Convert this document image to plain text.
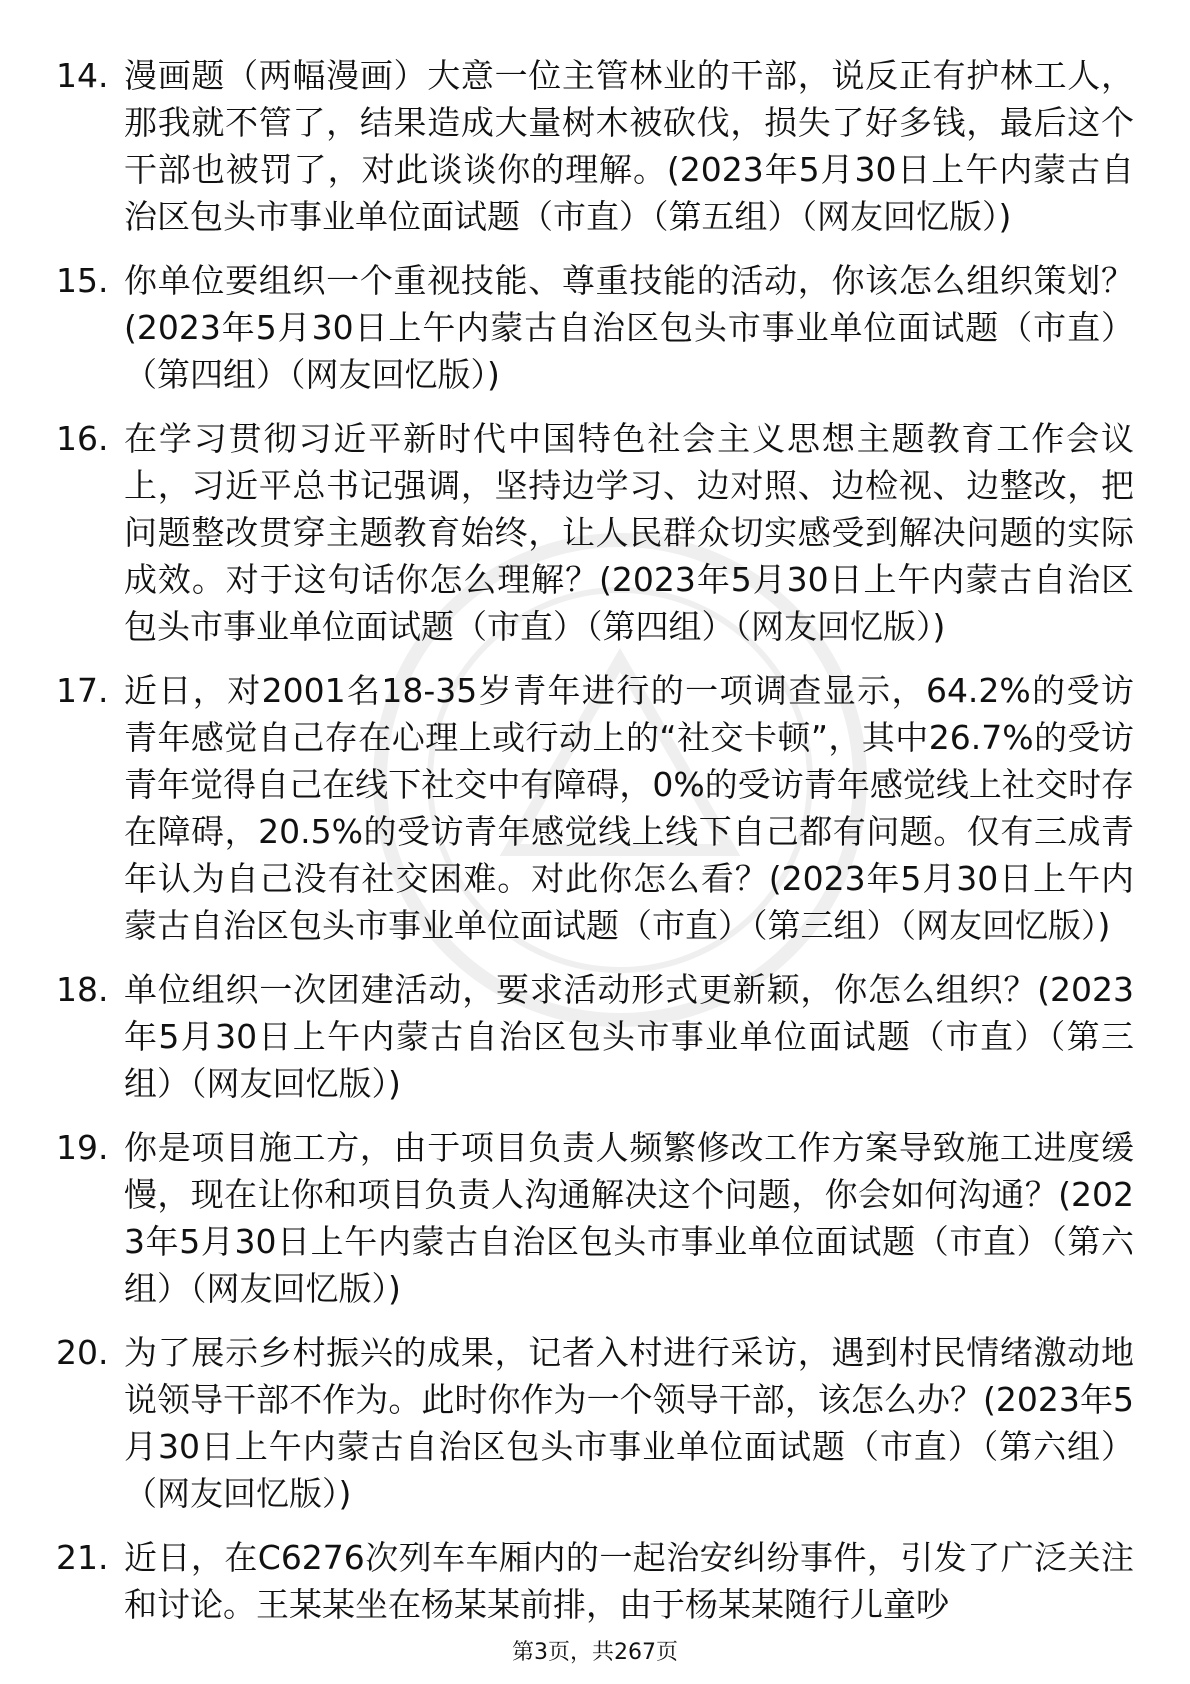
14. 漫画题（两幅漫画）大意一位主管林业的干部，说反正有护林工人，那我就不管了，结果造成大量树木被砍伐，损失了好多钱，最后这个干部也被罚了，对此谈谈你的理解。(2023年5月30日上午内蒙古自治区包头市事业单位面试题（市直）（第五组）（网友回忆版）)
15. 你单位要组织一个重视技能、尊重技能的活动，你该怎么组织策划？(2023年5月30日上午内蒙古自治区包头市事业单位面试题（市直）（第四组）（网友回忆版）)
16. 在学习贯彻习近平新时代中国特色社会主义思想主题教育工作会议上，习近平总书记强调，坚持边学习、边对照、边检视、边整改，把问题整改贯穿主题教育始终，让人民群众切实感受到解决问题的实际成效。对于这句话你怎么理解？(2023年5月30日上午内蒙古自治区包头市事业单位面试题（市直）（第四组）（网友回忆版）)
17. 近日，对2001名18-35岁青年进行的一项调查显示，64.2%的受访青年感觉自己存在心理上或行动上的“社交卡顿”，其中26.7%的受访青年觉得自己在线下社交中有障碍，0%的受访青年感觉线上社交时存在障碍，20.5%的受访青年感觉线上线下自己都有问题。仅有三成青年认为自己没有社交困难。对此你怎么看？(2023年5月30日上午内蒙古自治区包头市事业单位面试题（市直）（第三组）（网友回忆版）)
18. 单位组织一次团建活动，要求活动形式更新颖，你怎么组织？(2023年5月30日上午内蒙古自治区包头市事业单位面试题（市直）（第三组）（网友回忆版）)
19. 你是项目施工方，由于项目负责人频繁修改工作方案导致施工进度缓慢，现在让你和项目负责人沟通解决这个问题，你会如何沟通？(2023年5月30日上午内蒙古自治区包头市事业单位面试题（市直）（第六组）（网友回忆版）)
20. 为了展示乡村振兴的成果，记者入村进行采访，遇到村民情绪激动地说领导干部不作为。此时你作为一个领导干部，该怎么办？(2023年5月30日上午内蒙古自治区包头市事业单位面试题（市直）（第六组）（网友回忆版）)
21. 近日，在C6276次列车车厢内的一起治安纠纷事件，引发了广泛关注和讨论。王某某坐在杨某某前排，由于杨某某随行儿童吵
第3页，共267页
